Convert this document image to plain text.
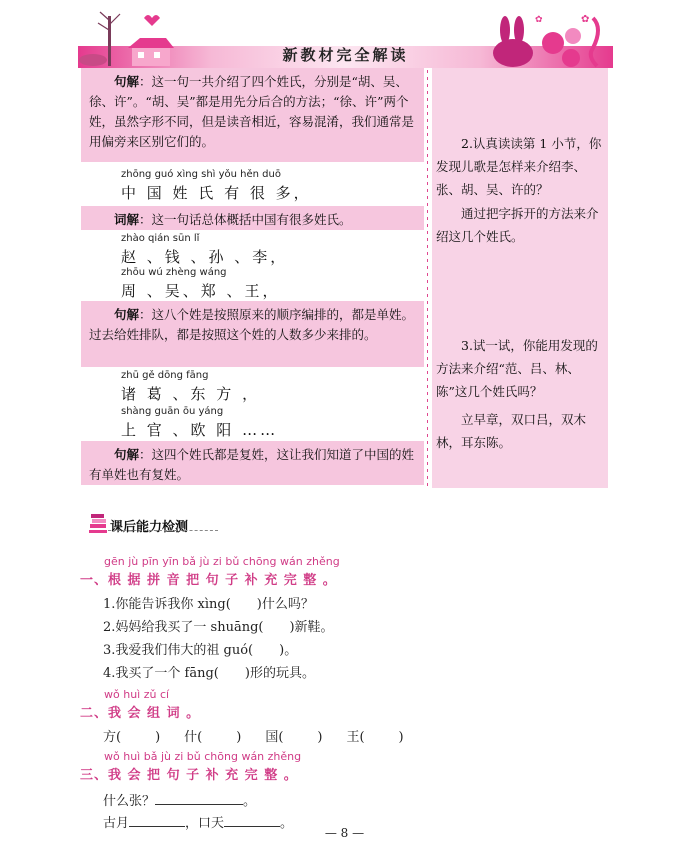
✿
✿
新教材完全解读
句解：这一句一共介绍了四个姓氏，分别是“胡、吴、徐、许”。“胡、吴”都是用先分后合的方法；“徐、许”两个姓，虽然字形不同，但是读音相近，容易混淆，我们通常是用偏旁来区别它们的。
zhōng guó xìng shì yǒu hěn duō
中 国 姓 氏 有 很 多，
词解：这一句话总体概括中国有很多姓氏。
zhào qián sūn lǐ
赵 、钱 、孙 、李，
zhōu wú zhèng wáng
周 、吴、郑 、王，
句解：这八个姓是按照原来的顺序编排的，都是单姓。过去给姓排队，都是按照这个姓的人数多少来排的。
zhū gě dōng fāng
诸 葛 、东 方 ，
shàng guān ōu yáng
上 官 、欧 阳 ……
句解：这四个姓氏都是复姓，这让我们知道了中国的姓有单姓也有复姓。
2.认真读读第 1 小节，你发现儿歌是怎样来介绍李、张、胡、吴、许的？
通过把字拆开的方法来介绍这几个姓氏。
3.试一试，你能用发现的方法来介绍“范、吕、林、陈”这几个姓氏吗？
立早章，双口吕，双木林，耳东陈。
课后能力检测
gēn jù pīn yīn bǎ jù zi bǔ chōng wán zhěng
一、根 据 拼 音 把 句 子 补 充 完 整 。
1.你能告诉我你 xìng( )什么吗？
2.妈妈给我买了一 shuāng( )新鞋。
3.我爱我们伟大的祖 guó( )。
4.我买了一个 fāng( )形的玩具。
wǒ huì zǔ cí
二、我 会 组 词 。
方(	) 什(	) 国(	) 王(	)
wǒ huì bǎ jù zi bǔ chōng wán zhěng
三、我 会 把 句 子 补 充 完 整 。
什么张？	。
古月	，口天	。
— 8 —
